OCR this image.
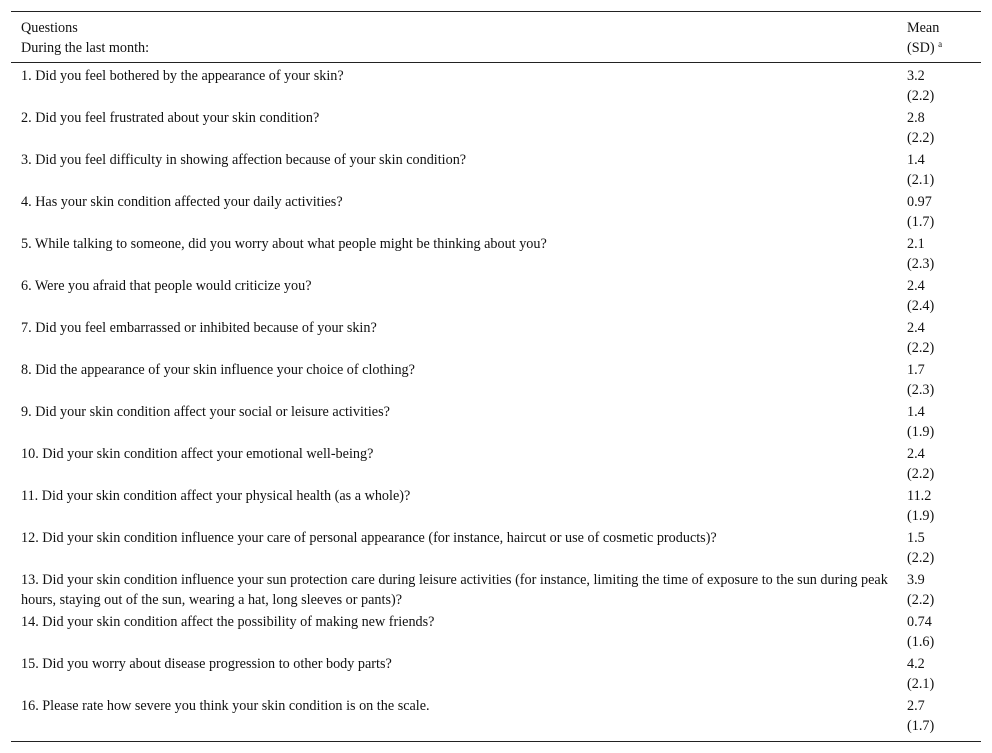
Questions
During the last month:
Mean
(SD) $^a$
1. Did you feel bothered by the appearance of your skin?	3.2
(2.2)
2. Did you feel frustrated about your skin condition?	2.8
(2.2)
3. Did you feel difficulty in showing affection because of your skin condition?	1.4
(2.1)
4. Has your skin condition affected your daily activities?	0.97
(1.7)
5. While talking to someone, did you worry about what people might be thinking about you?	2.1
(2.3)
6. Were you afraid that people would criticize you?	2.4
(2.4)
7. Did you feel embarrassed or inhibited because of your skin?	2.4
(2.2)
8. Did the appearance of your skin influence your choice of clothing?	1.7
(2.3)
9. Did your skin condition affect your social or leisure activities?	1.4
(1.9)
10. Did your skin condition affect your emotional well-being?	2.4
(2.2)
11. Did your skin condition affect your physical health (as a whole)?	11.2
(1.9)
12. Did your skin condition influence your care of personal appearance (for instance, haircut or use of cosmetic products)?	1.5
(2.2)
13. Did your skin condition influence your sun protection care during leisure activities (for instance, limiting the time of exposure to the sun during peak hours, staying out of the sun, wearing a hat, long sleeves or pants)?
3.9
(2.2)
14. Did your skin condition affect the possibility of making new friends?	0.74
(1.6)
15. Did you worry about disease progression to other body parts?	4.2
(2.1)
16. Please rate how severe you think your skin condition is on the scale.	2.7
(1.7)
